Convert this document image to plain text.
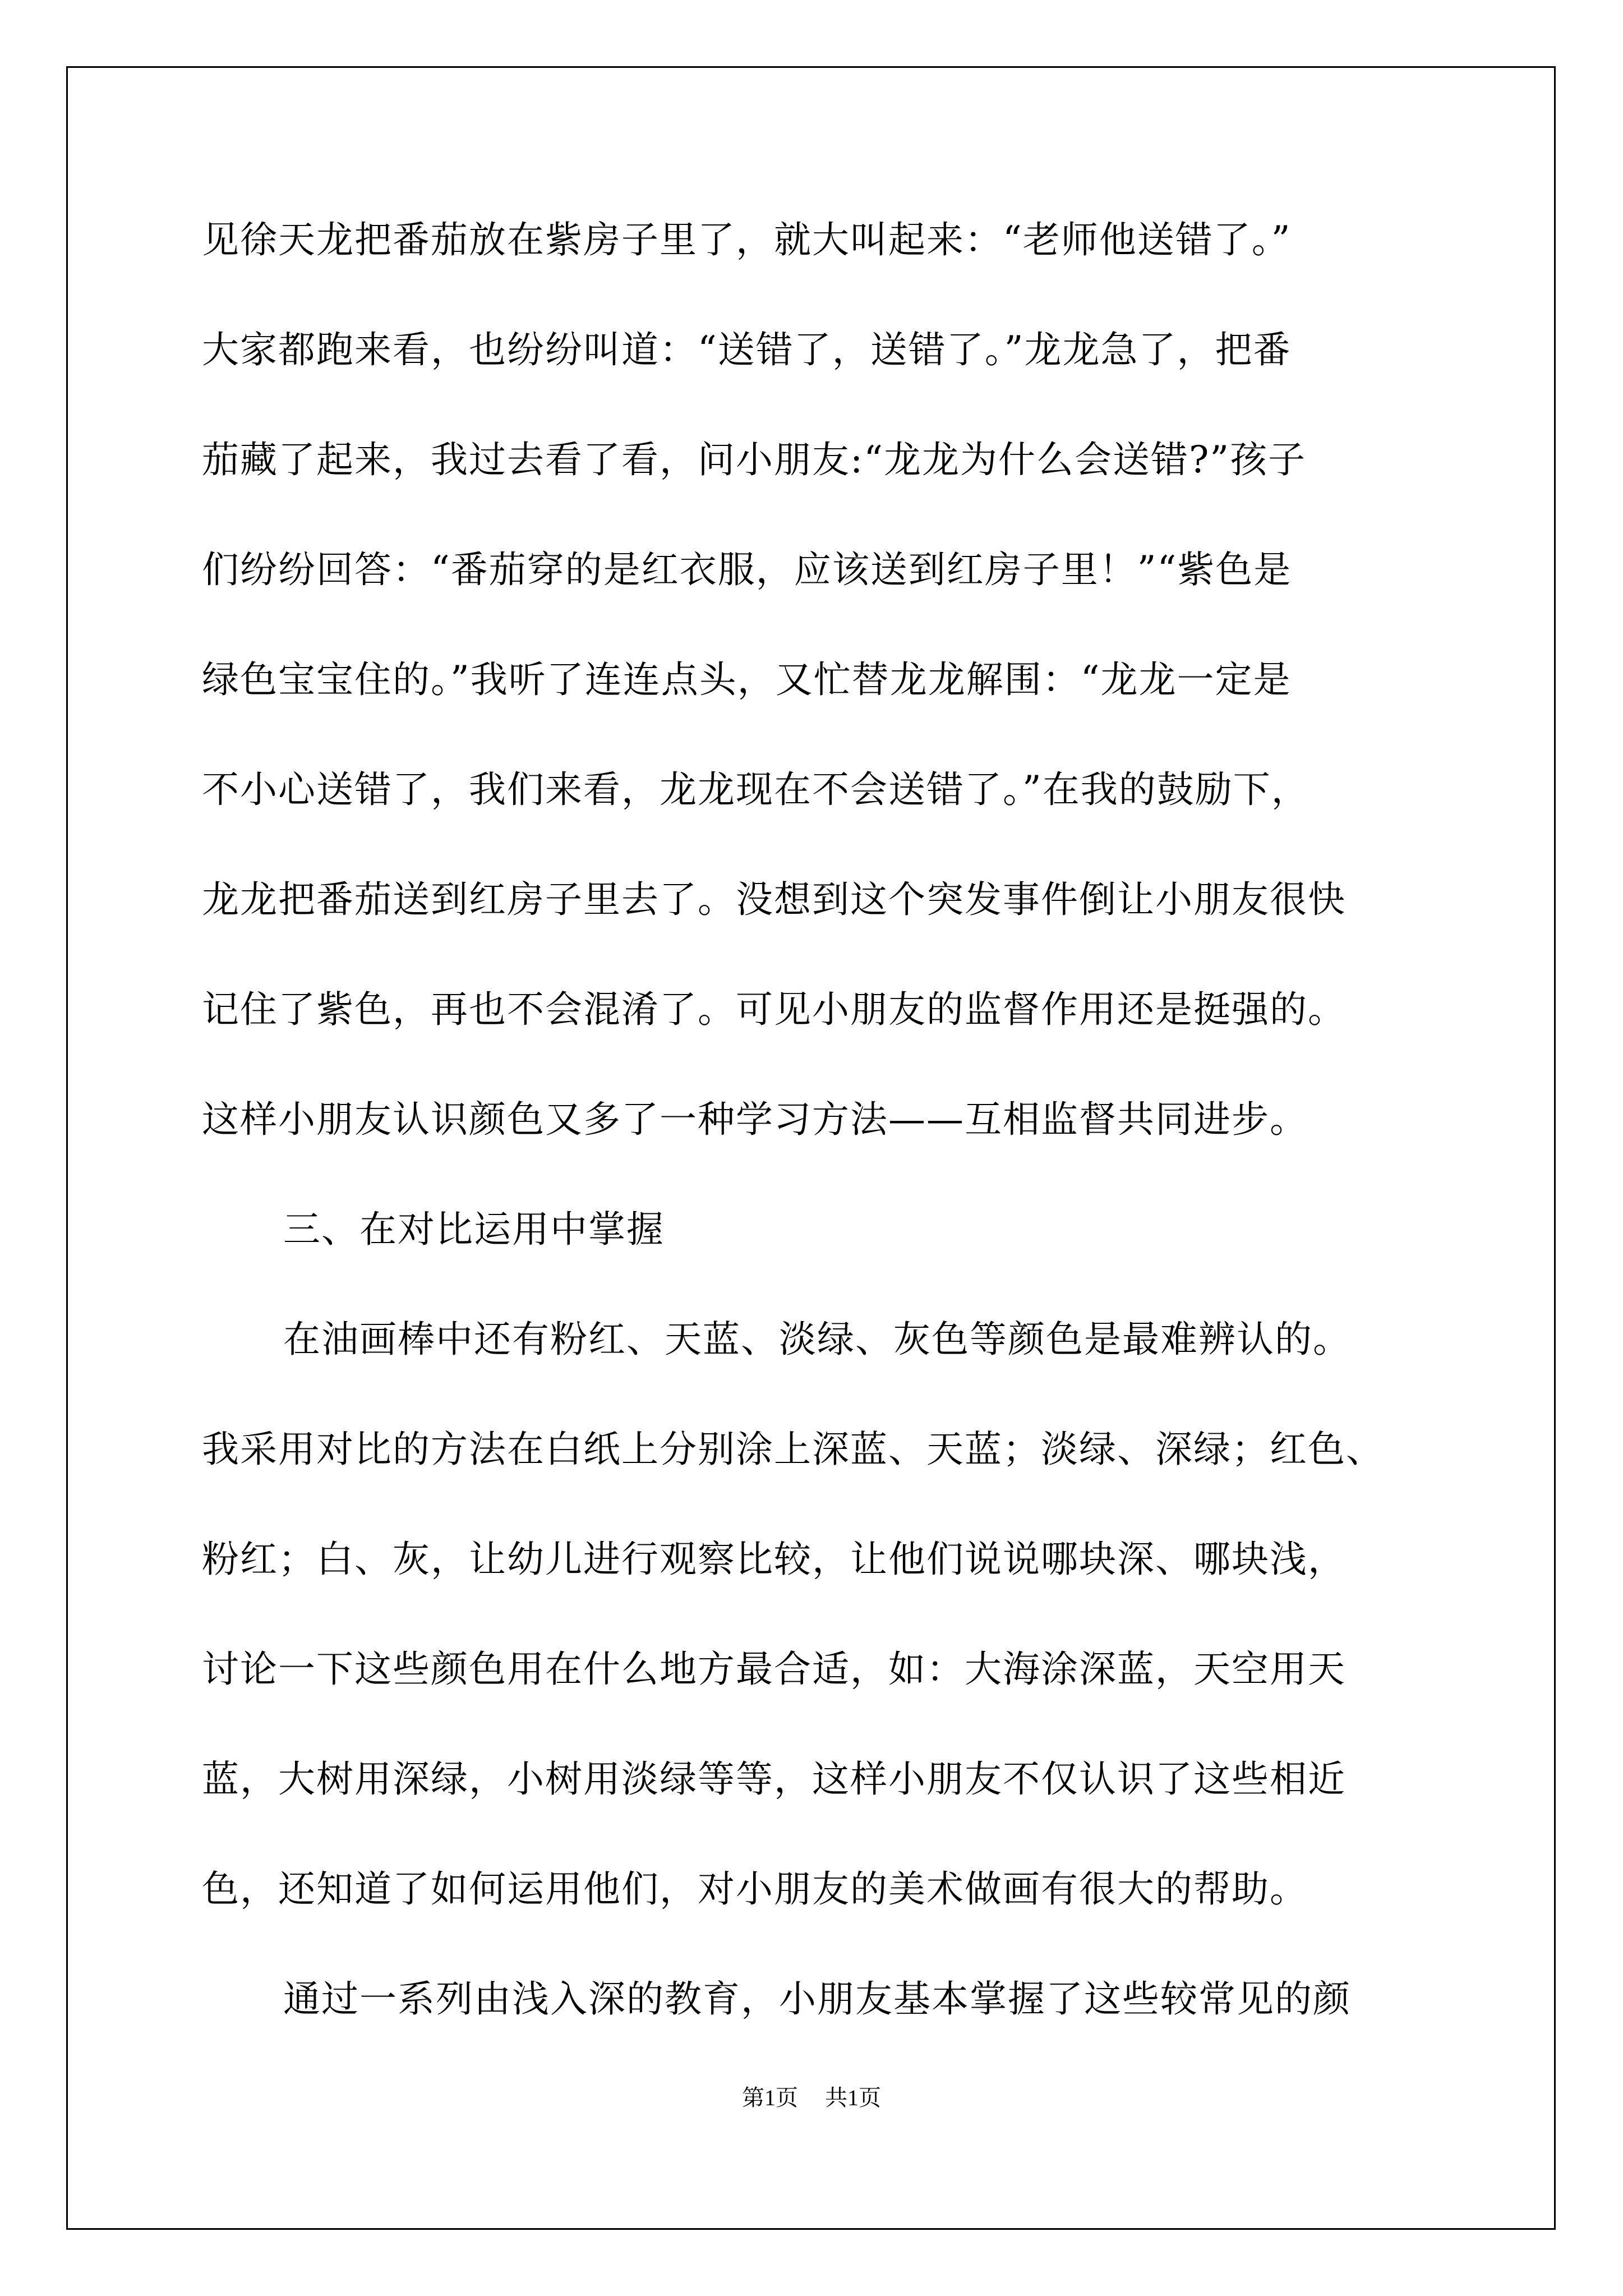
见徐天龙把番茄放在紫房子里了，就大叫起来：“老师他送错了。”
大家都跑来看，也纷纷叫道：“送错了，送错了。”龙龙急了，把番
茄藏了起来，我过去看了看，问小朋友:“龙龙为什么会送错?”孩子
们纷纷回答：“番茄穿的是红衣服，应该送到红房子里！”“紫色是
绿色宝宝住的。”我听了连连点头，又忙替龙龙解围：“龙龙一定是
不小心送错了，我们来看，龙龙现在不会送错了。”在我的鼓励下，
龙龙把番茄送到红房子里去了。没想到这个突发事件倒让小朋友很快
记住了紫色，再也不会混淆了。可见小朋友的监督作用还是挺强的。
这样小朋友认识颜色又多了一种学习方法——互相监督共同进步。
三、在对比运用中掌握
在油画棒中还有粉红、天蓝、淡绿、灰色等颜色是最难辨认的。
我采用对比的方法在白纸上分别涂上深蓝、天蓝；淡绿、深绿；红色、
粉红；白、灰，让幼儿进行观察比较，让他们说说哪块深、哪块浅，
讨论一下这些颜色用在什么地方最合适，如：大海涂深蓝，天空用天
蓝，大树用深绿，小树用淡绿等等，这样小朋友不仅认识了这些相近
色，还知道了如何运用他们，对小朋友的美术做画有很大的帮助。
通过一系列由浅入深的教育，小朋友基本掌握了这些较常见的颜
第1页 共1页
